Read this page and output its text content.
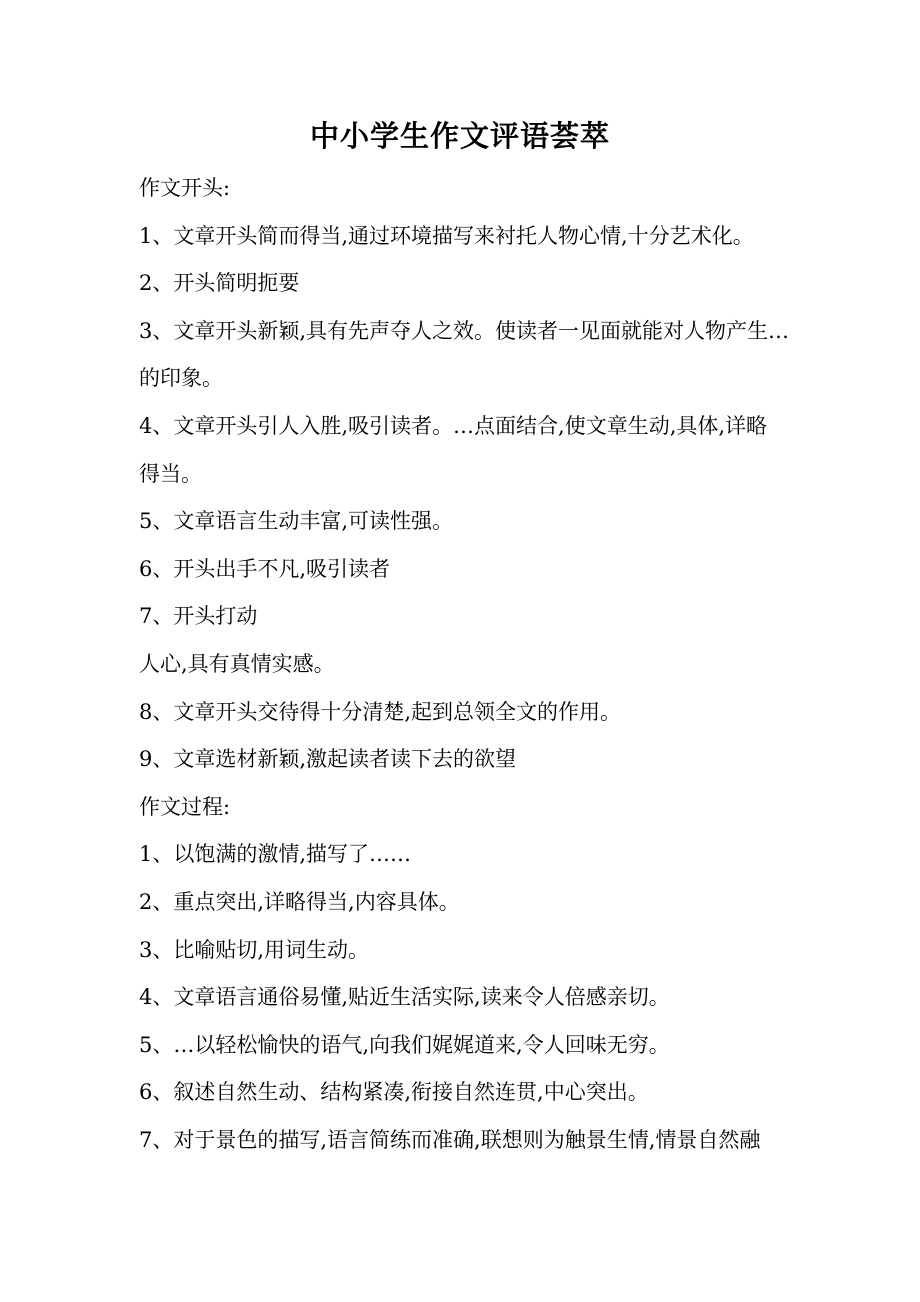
中小学生作文评语荟萃
作文开头:
1、文章开头简而得当,通过环境描写来衬托人物心情,十分艺术化。
2、开头简明扼要
3、文章开头新颖,具有先声夺人之效。使读者一见面就能对人物产生…
的印象。
4、文章开头引人入胜,吸引读者。…点面结合,使文章生动,具体,详略
得当。
5、文章语言生动丰富,可读性强。
6、开头出手不凡,吸引读者
7、开头打动
人心,具有真情实感。
8、文章开头交待得十分清楚,起到总领全文的作用。
9、文章选材新颖,激起读者读下去的欲望
作文过程:
1、以饱满的激情,描写了……
2、重点突出,详略得当,内容具体。
3、比喻贴切,用词生动。
4、文章语言通俗易懂,贴近生活实际,读来令人倍感亲切。
5、…以轻松愉快的语气,向我们娓娓道来,令人回味无穷。
6、叙述自然生动、结构紧凑,衔接自然连贯,中心突出。
7、对于景色的描写,语言简练而准确,联想则为触景生情,情景自然融
